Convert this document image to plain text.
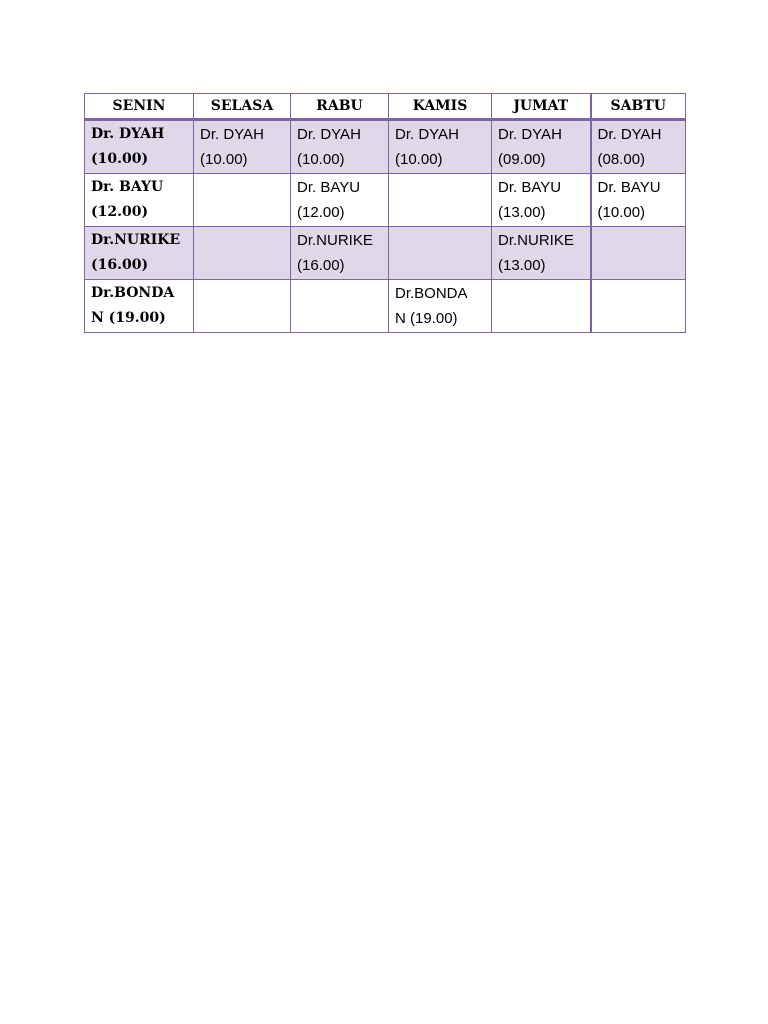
SENIN	SELASA	RABU	KAMIS	JUMAT	SABTU

Dr. DYAH
(10.00)	Dr. DYAH
(10.00)	Dr. DYAH
(10.00)	Dr. DYAH
(10.00)	Dr. DYAH
(09.00)	Dr. DYAH
(08.00)

Dr. BAYU
(12.00)		Dr. BAYU
(12.00)		Dr. BAYU
(13.00)	Dr. BAYU
(10.00)

Dr.NURIKE
(16.00)		Dr.NURIKE
(16.00)		Dr.NURIKE
(13.00)	

Dr.BONDA
N (19.00)			Dr.BONDA
N (19.00)		
